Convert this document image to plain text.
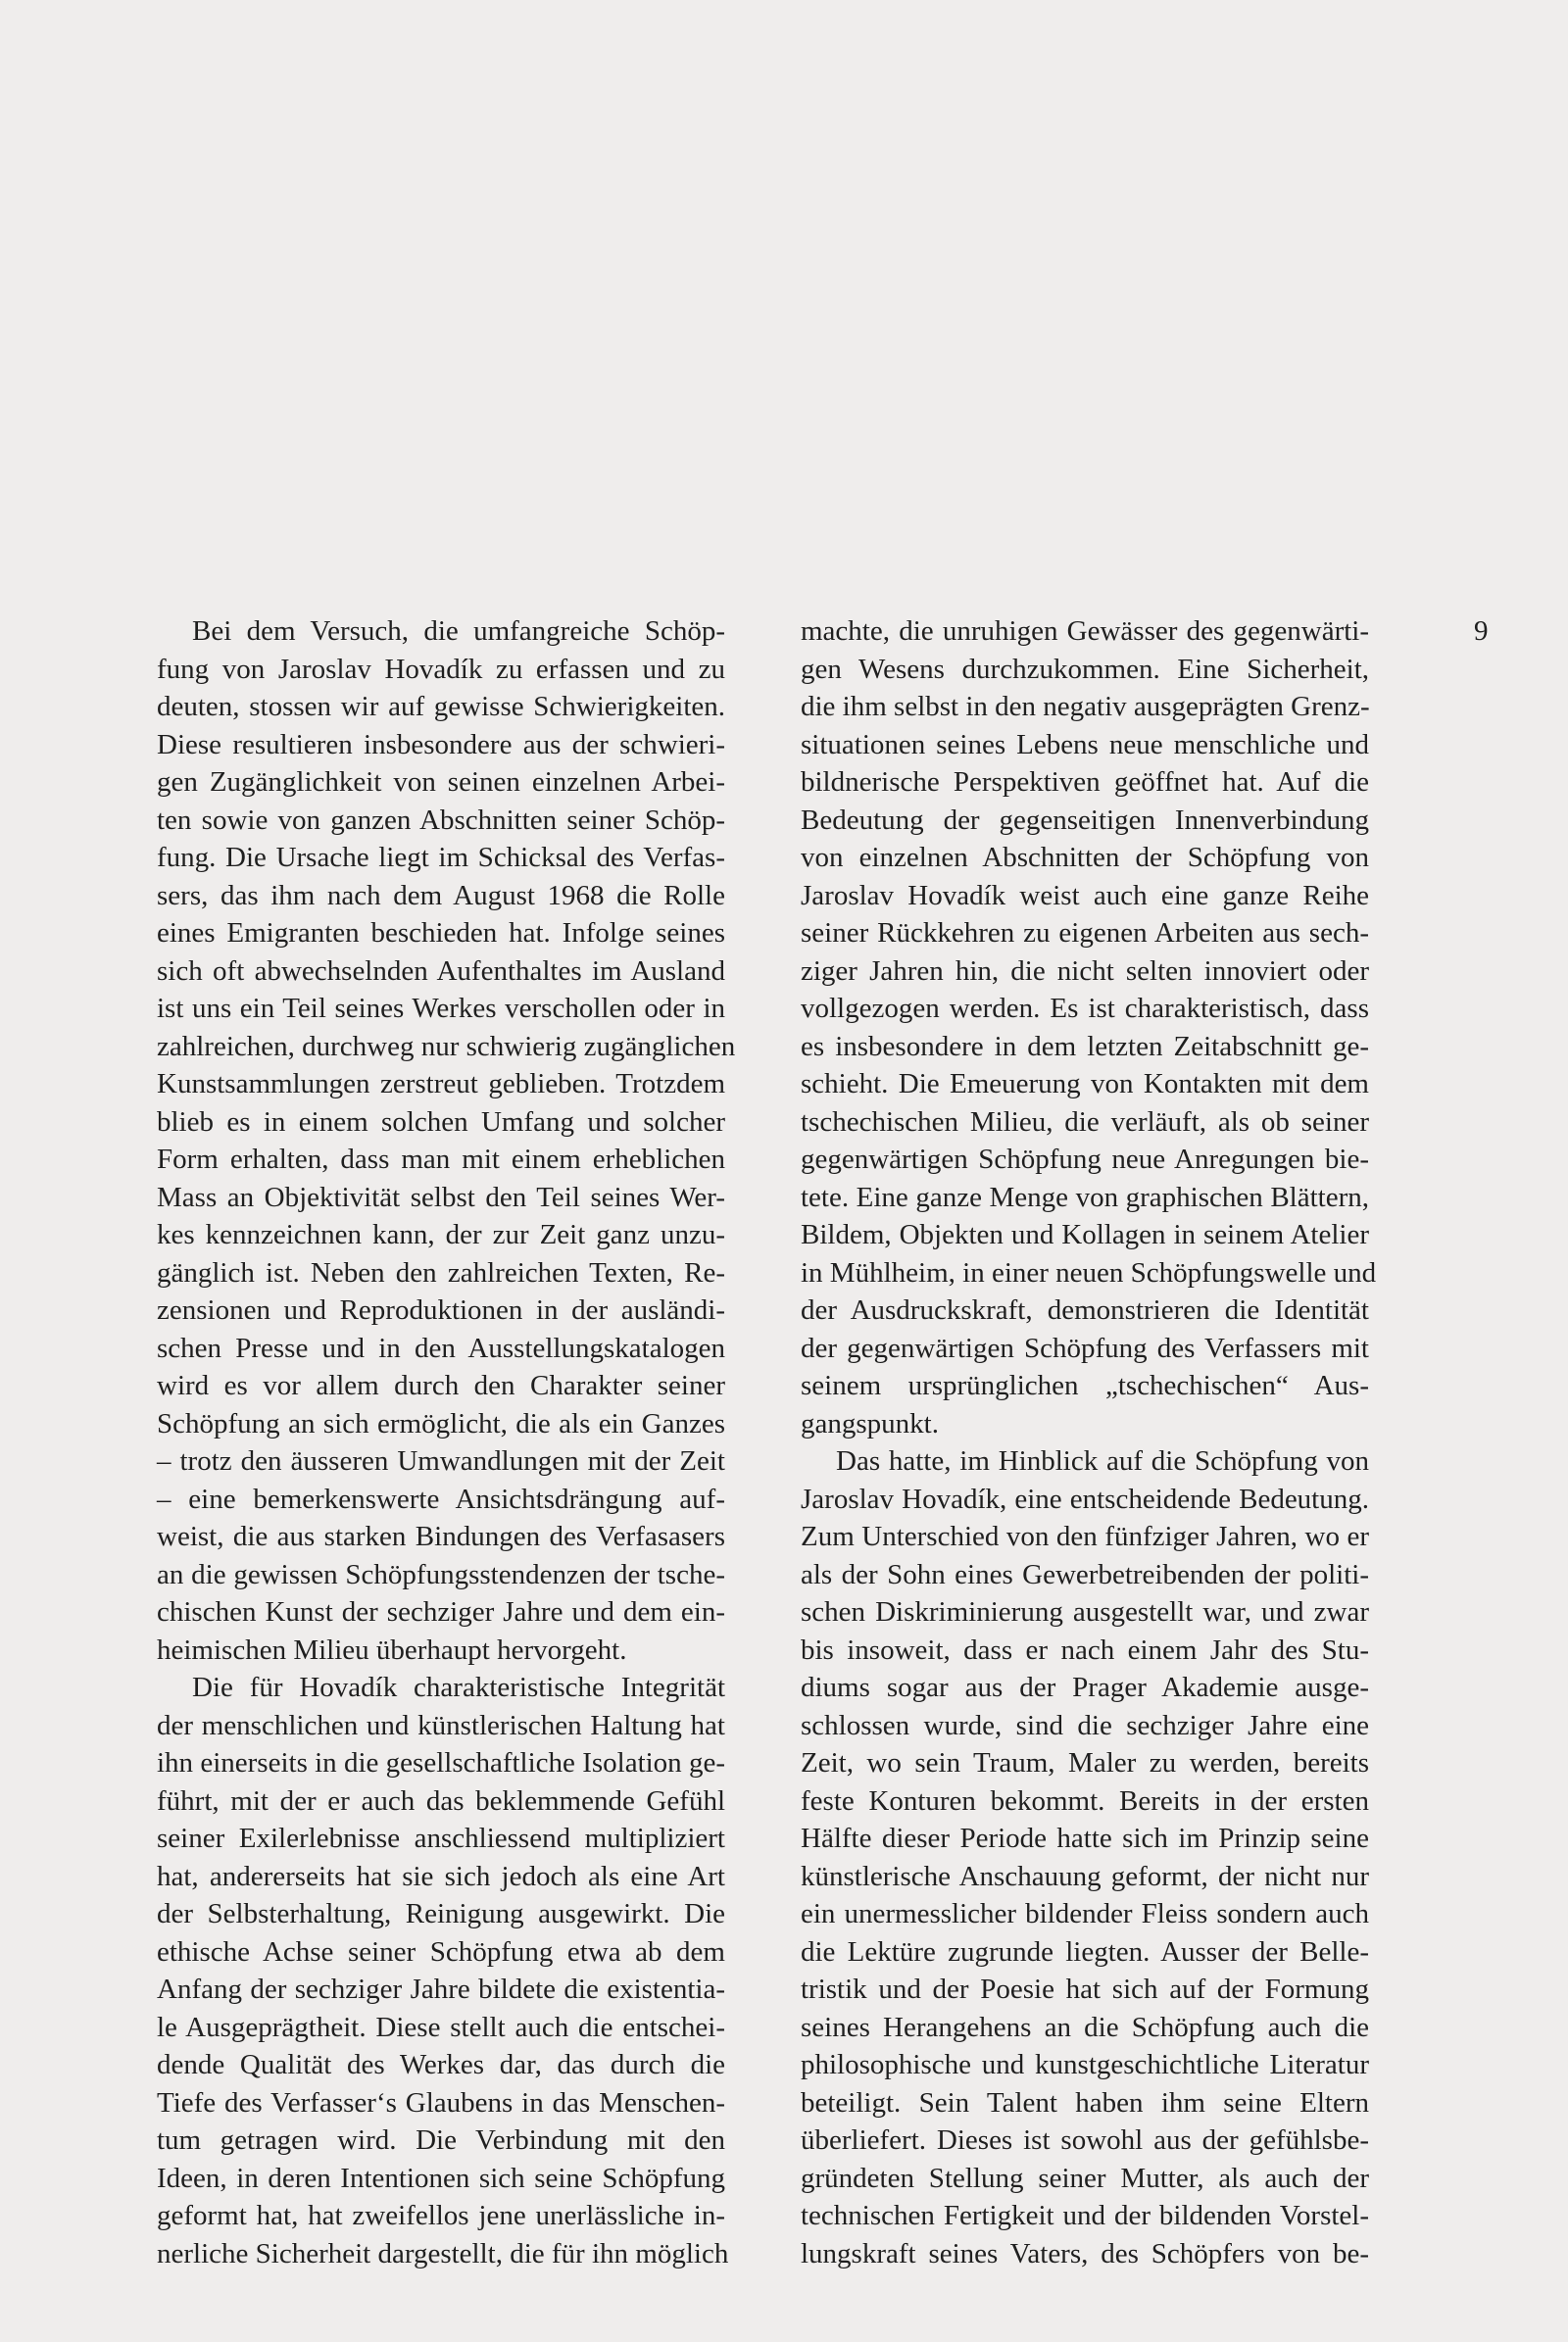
Bei dem Versuch, die umfangreiche Schöp-
fung von Jaroslav Hovadík zu erfassen und zu
deuten, stossen wir auf gewisse Schwierigkeiten.
Diese resultieren insbesondere aus der schwieri-
gen Zugänglichkeit von seinen einzelnen Arbei-
ten sowie von ganzen Abschnitten seiner Schöp-
fung. Die Ursache liegt im Schicksal des Verfas-
sers, das ihm nach dem August 1968 die Rolle
eines Emigranten beschieden hat. Infolge seines
sich oft abwechselnden Aufenthaltes im Ausland
ist uns ein Teil seines Werkes verschollen oder in
zahlreichen, durchweg nur schwierig zugänglichen
Kunstsammlungen zerstreut geblieben. Trotzdem
blieb es in einem solchen Umfang und solcher
Form erhalten, dass man mit einem erheblichen
Mass an Objektivität selbst den Teil seines Wer-
kes kennzeichnen kann, der zur Zeit ganz unzu-
gänglich ist. Neben den zahlreichen Texten, Re-
zensionen und Reproduktionen in der ausländi-
schen Presse und in den Ausstellungskatalogen
wird es vor allem durch den Charakter seiner
Schöpfung an sich ermöglicht, die als ein Ganzes
– trotz den äusseren Umwandlungen mit der Zeit
– eine bemerkenswerte Ansichtsdrängung auf-
weist, die aus starken Bindungen des Verfasasers
an die gewissen Schöpfungsstendenzen der tsche-
chischen Kunst der sechziger Jahre und dem ein-
heimischen Milieu überhaupt hervorgeht.
Die für Hovadík charakteristische Integrität
der menschlichen und künstlerischen Haltung hat
ihn einerseits in die gesellschaftliche Isolation ge-
führt, mit der er auch das beklemmende Gefühl
seiner Exilerlebnisse anschliessend multipliziert
hat, andererseits hat sie sich jedoch als eine Art
der Selbsterhaltung, Reinigung ausgewirkt. Die
ethische Achse seiner Schöpfung etwa ab dem
Anfang der sechziger Jahre bildete die existentia-
le Ausgeprägtheit. Diese stellt auch die entschei-
dende Qualität des Werkes dar, das durch die
Tiefe des Verfasser‘s Glaubens in das Menschen-
tum getragen wird. Die Verbindung mit den
Ideen, in deren Intentionen sich seine Schöpfung
geformt hat, hat zweifellos jene unerlässliche in-
nerliche Sicherheit dargestellt, die für ihn möglich
machte, die unruhigen Gewässer des gegenwärti-
gen Wesens durchzukommen. Eine Sicherheit,
die ihm selbst in den negativ ausgeprägten Grenz-
situationen seines Lebens neue menschliche und
bildnerische Perspektiven geöffnet hat. Auf die
Bedeutung der gegenseitigen Innenverbindung
von einzelnen Abschnitten der Schöpfung von
Jaroslav Hovadík weist auch eine ganze Reihe
seiner Rückkehren zu eigenen Arbeiten aus sech-
ziger Jahren hin, die nicht selten innoviert oder
vollgezogen werden. Es ist charakteristisch, dass
es insbesondere in dem letzten Zeitabschnitt ge-
schieht. Die Emeuerung von Kontakten mit dem
tschechischen Milieu, die verläuft, als ob seiner
gegenwärtigen Schöpfung neue Anregungen bie-
tete. Eine ganze Menge von graphischen Blättern,
Bildem, Objekten und Kollagen in seinem Atelier
in Mühlheim, in einer neuen Schöpfungswelle und
der Ausdruckskraft, demonstrieren die Identität
der gegenwärtigen Schöpfung des Verfassers mit
seinem ursprünglichen „tschechischen“ Aus-
gangspunkt.
Das hatte, im Hinblick auf die Schöpfung von
Jaroslav Hovadík, eine entscheidende Bedeutung.
Zum Unterschied von den fünfziger Jahren, wo er
als der Sohn eines Gewerbetreibenden der politi-
schen Diskriminierung ausgestellt war, und zwar
bis insoweit, dass er nach einem Jahr des Stu-
diums sogar aus der Prager Akademie ausge-
schlossen wurde, sind die sechziger Jahre eine
Zeit, wo sein Traum, Maler zu werden, bereits
feste Konturen bekommt. Bereits in der ersten
Hälfte dieser Periode hatte sich im Prinzip seine
künstlerische Anschauung geformt, der nicht nur
ein unermesslicher bildender Fleiss sondern auch
die Lektüre zugrunde liegten. Ausser der Belle-
tristik und der Poesie hat sich auf der Formung
seines Herangehens an die Schöpfung auch die
philosophische und kunstgeschichtliche Literatur
beteiligt. Sein Talent haben ihm seine Eltern
überliefert. Dieses ist sowohl aus der gefühlsbe-
gründeten Stellung seiner Mutter, als auch der
technischen Fertigkeit und der bildenden Vorstel-
lungskraft seines Vaters, des Schöpfers von be-
9
